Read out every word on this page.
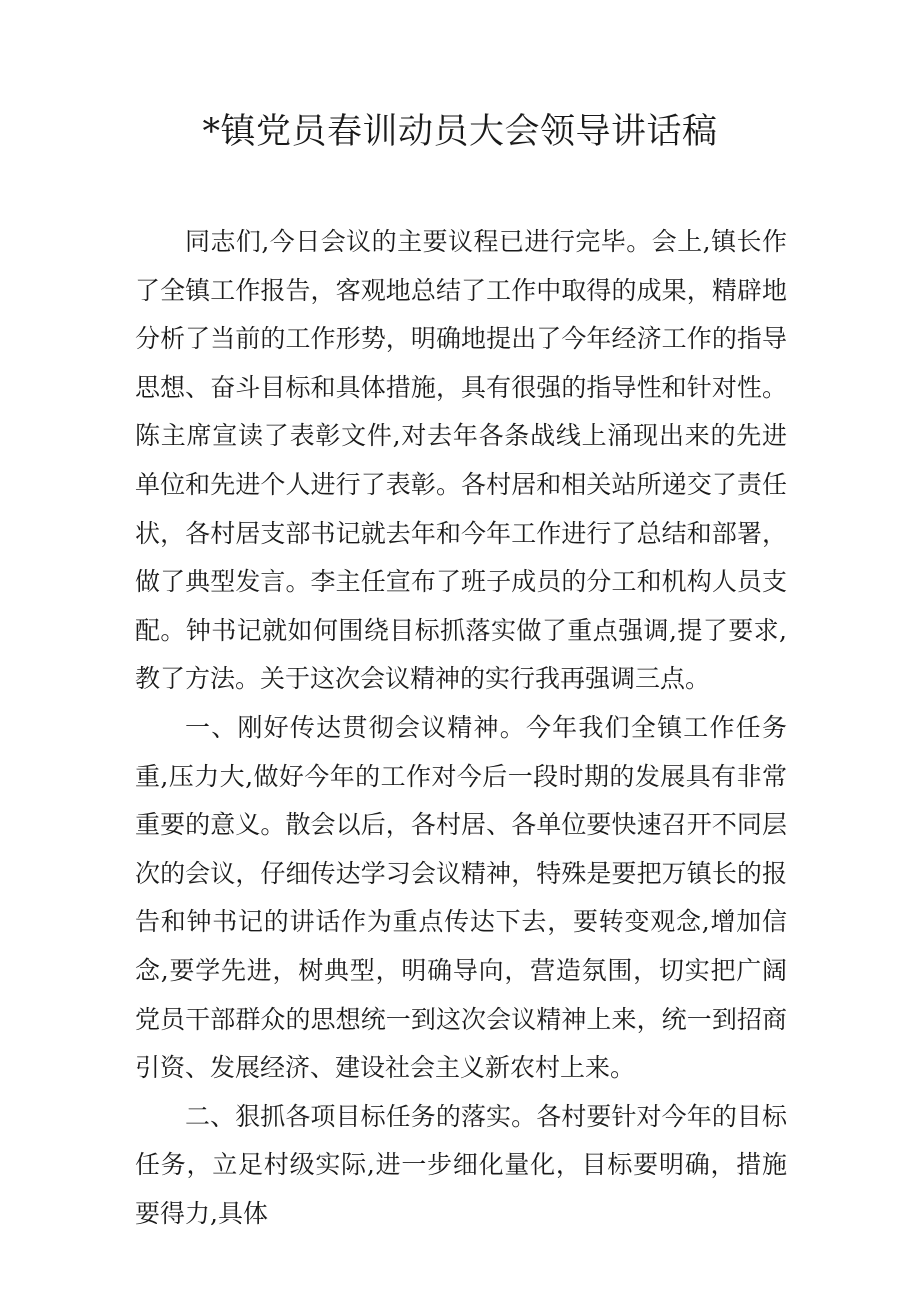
*镇党员春训动员大会领导讲话稿

同志们,今日会议的主要议程已进行完毕。会上,镇长作了全镇工作报告，客观地总结了工作中取得的成果，精辟地分析了当前的工作形势，明确地提出了今年经济工作的指导思想、奋斗目标和具体措施，具有很强的指导性和针对性。陈主席宣读了表彰文件,对去年各条战线上涌现出来的先进单位和先进个人进行了表彰。各村居和相关站所递交了责任状，各村居支部书记就去年和今年工作进行了总结和部署，做了典型发言。李主任宣布了班子成员的分工和机构人员支配。钟书记就如何围绕目标抓落实做了重点强调,提了要求,教了方法。关于这次会议精神的实行我再强调三点。

一、刚好传达贯彻会议精神。今年我们全镇工作任务重,压力大,做好今年的工作对今后一段时期的发展具有非常重要的意义。散会以后，各村居、各单位要快速召开不同层次的会议，仔细传达学习会议精神，特殊是要把万镇长的报告和钟书记的讲话作为重点传达下去，要转变观念,增加信念,要学先进，树典型，明确导向，营造氛围，切实把广阔党员干部群众的思想统一到这次会议精神上来，统一到招商引资、发展经济、建设社会主义新农村上来。

二、狠抓各项目标任务的落实。各村要针对今年的目标任务，立足村级实际,进一步细化量化，目标要明确，措施要得力,具体
